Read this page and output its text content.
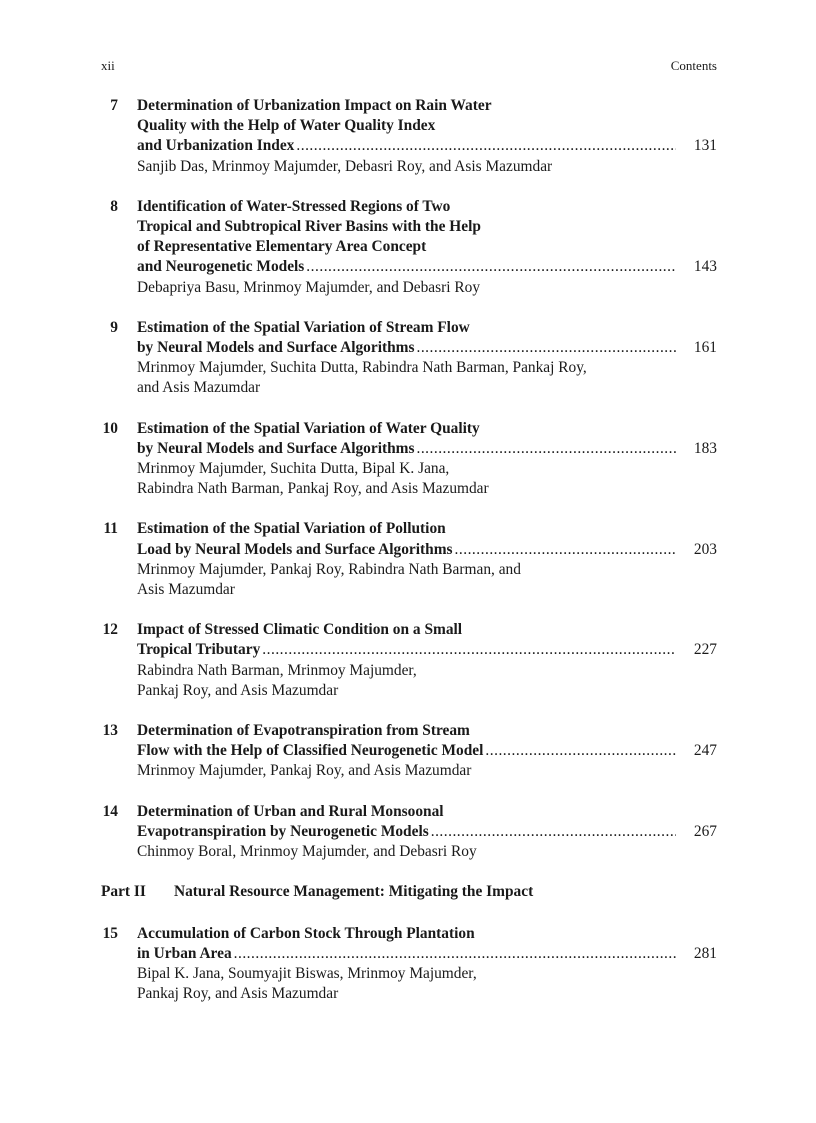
xii	Contents
7 Determination of Urbanization Impact on Rain Water
Quality with the Help of Water Quality Index
and Urbanization Index .....	131
Sanjib Das, Mrinmoy Majumder, Debasri Roy, and Asis Mazumdar
8 Identification of Water-Stressed Regions of Two
Tropical and Subtropical River Basins with the Help
of Representative Elementary Area Concept
and Neurogenetic Models .....	143
Debapriya Basu, Mrinmoy Majumder, and Debasri Roy
9 Estimation of the Spatial Variation of Stream Flow
by Neural Models and Surface Algorithms .....	161
Mrinmoy Majumder, Suchita Dutta, Rabindra Nath Barman, Pankaj Roy,
and Asis Mazumdar
10 Estimation of the Spatial Variation of Water Quality
by Neural Models and Surface Algorithms .....	183
Mrinmoy Majumder, Suchita Dutta, Bipal K. Jana,
Rabindra Nath Barman, Pankaj Roy, and Asis Mazumdar
11 Estimation of the Spatial Variation of Pollution
Load by Neural Models and Surface Algorithms .....	203
Mrinmoy Majumder, Pankaj Roy, Rabindra Nath Barman, and
Asis Mazumdar
12 Impact of Stressed Climatic Condition on a Small
Tropical Tributary .....	227
Rabindra Nath Barman, Mrinmoy Majumder,
Pankaj Roy, and Asis Mazumdar
13 Determination of Evapotranspiration from Stream
Flow with the Help of Classified Neurogenetic Model .....	247
Mrinmoy Majumder, Pankaj Roy, and Asis Mazumdar
14 Determination of Urban and Rural Monsoonal
Evapotranspiration by Neurogenetic Models .....	267
Chinmoy Boral, Mrinmoy Majumder, and Debasri Roy
Part II Natural Resource Management: Mitigating the Impact
15 Accumulation of Carbon Stock Through Plantation
in Urban Area .....	281
Bipal K. Jana, Soumyajit Biswas, Mrinmoy Majumder,
Pankaj Roy, and Asis Mazumdar
